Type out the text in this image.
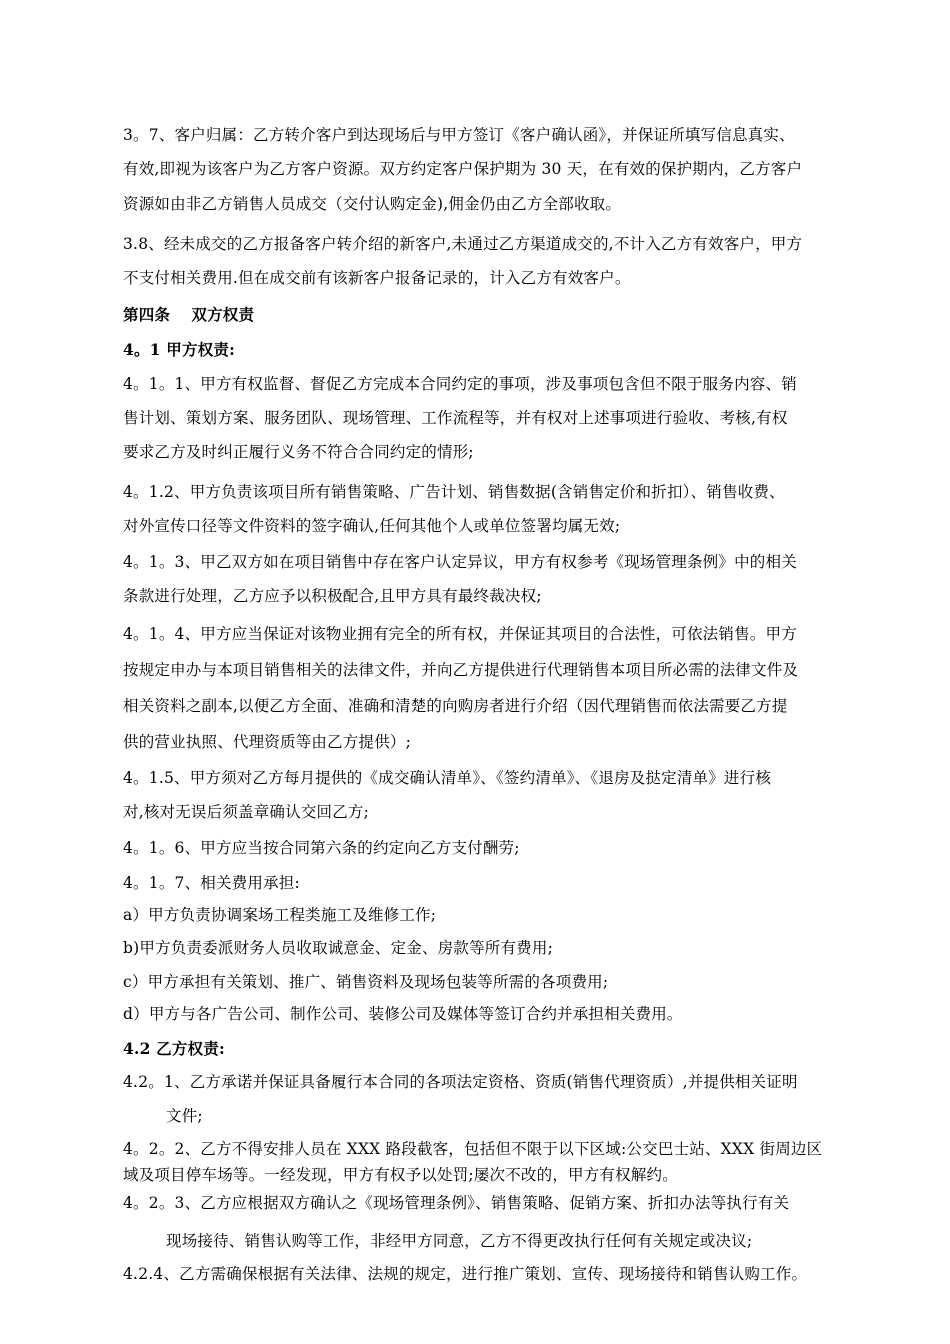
3。7、客户归属：乙方转介客户到达现场后与甲方签订《客户确认函》，并保证所填写信息真实、
有效,即视为该客户为乙方客户资源。双方约定客户保护期为 30 天，在有效的保护期内，乙方客户
资源如由非乙方销售人员成交（交付认购定金),佣金仍由乙方全部收取。
3.8、经未成交的乙方报备客户转介绍的新客户,未通过乙方渠道成交的,不计入乙方有效客户，甲方
不支付相关费用.但在成交前有该新客户报备记录的，计入乙方有效客户。
第四条　 双方权责
4。1 甲方权责:
4。1。1、甲方有权监督、督促乙方完成本合同约定的事项，涉及事项包含但不限于服务内容、销
售计划、策划方案、服务团队、现场管理、工作流程等，并有权对上述事项进行验收、考核,有权
要求乙方及时纠正履行义务不符合合同约定的情形;
4。1.2、甲方负责该项目所有销售策略、广告计划、销售数据(含销售定价和折扣）、销售收费、
对外宣传口径等文件资料的签字确认,任何其他个人或单位签署均属无效;
4。1。3、甲乙双方如在项目销售中存在客户认定异议，甲方有权参考《现场管理条例》中的相关
条款进行处理，乙方应予以积极配合,且甲方具有最终裁决权;
4。1。4、甲方应当保证对该物业拥有完全的所有权，并保证其项目的合法性，可依法销售。甲方
按规定申办与本项目销售相关的法律文件，并向乙方提供进行代理销售本项目所必需的法律文件及
相关资料之副本,以便乙方全面、准确和清楚的向购房者进行介绍（因代理销售而依法需要乙方提
供的营业执照、代理资质等由乙方提供）;
4。1.5、甲方须对乙方每月提供的《成交确认清单》、《签约清单》、《退房及挞定清单》进行核
对,核对无误后须盖章确认交回乙方;
4。1。6、甲方应当按合同第六条的约定向乙方支付酬劳;
4。1。7、相关费用承担:
a）甲方负责协调案场工程类施工及维修工作;
b)甲方负责委派财务人员收取诚意金、定金、房款等所有费用;
c）甲方承担有关策划、推广、销售资料及现场包装等所需的各项费用;
d）甲方与各广告公司、制作公司、装修公司及媒体等签订合约并承担相关费用。
4.2 乙方权责:
4.2。1、乙方承诺并保证具备履行本合同的各项法定资格、资质(销售代理资质）,并提供相关证明
文件;
4。2。2、乙方不得安排人员在 XXX 路段截客，包括但不限于以下区域:公交巴士站、XXX 街周边区
域及项目停车场等。一经发现，甲方有权予以处罚;屡次不改的，甲方有权解约。
4。2。3、乙方应根据双方确认之《现场管理条例》、销售策略、促销方案、折扣办法等执行有关
现场接待、销售认购等工作，非经甲方同意，乙方不得更改执行任何有关规定或决议;
4.2.4、乙方需确保根据有关法律、法规的规定，进行推广策划、宣传、现场接待和销售认购工作。
